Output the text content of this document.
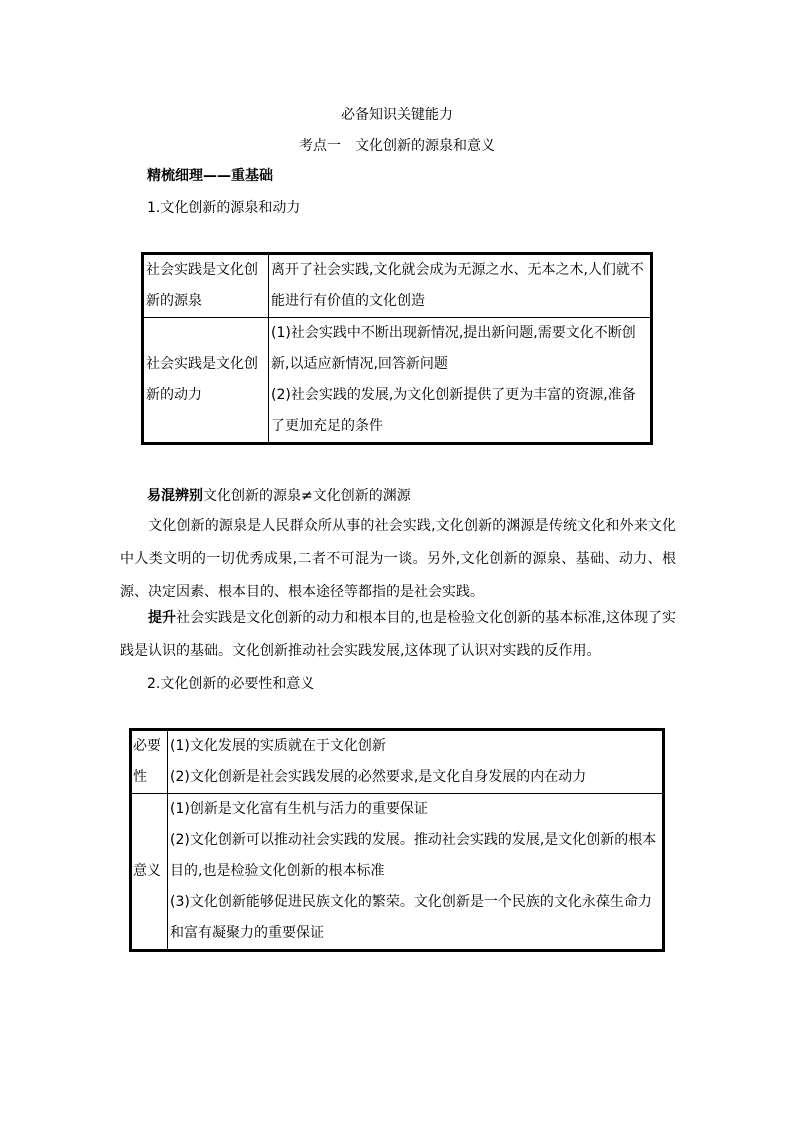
必备知识关键能力
考点一　文化创新的源泉和意义
精梳细理——重基础
1.文化创新的源泉和动力
社会实践是文化创新的源泉	离开了社会实践,文化就会成为无源之水、无本之木,人们就不能进行有价值的文化创造

社会实践是文化创新的动力	(1)社会实践中不断出现新情况,提出新问题,需要文化不断创新,以适应新情况,回答新问题
(2)社会实践的发展,为文化创新提供了更为丰富的资源,准备了更加充足的条件
易混辨别文化创新的源泉≠文化创新的渊源
文化创新的源泉是人民群众所从事的社会实践,文化创新的渊源是传统文化和外来文化中人类文明的一切优秀成果,二者不可混为一谈。另外,文化创新的源泉、基础、动力、根源、决定因素、根本目的、根本途径等都指的是社会实践。
提升社会实践是文化创新的动力和根本目的,也是检验文化创新的基本标准,这体现了实践是认识的基础。文化创新推动社会实践发展,这体现了认识对实践的反作用。
2.文化创新的必要性和意义
必要性	(1)文化发展的实质就在于文化创新
(2)文化创新是社会实践发展的必然要求,是文化自身发展的内在动力

意义	(1)创新是文化富有生机与活力的重要保证
(2)文化创新可以推动社会实践的发展。推动社会实践的发展,是文化创新的根本目的,也是检验文化创新的根本标准
(3)文化创新能够促进民族文化的繁荣。文化创新是一个民族的文化永葆生命力和富有凝聚力的重要保证
